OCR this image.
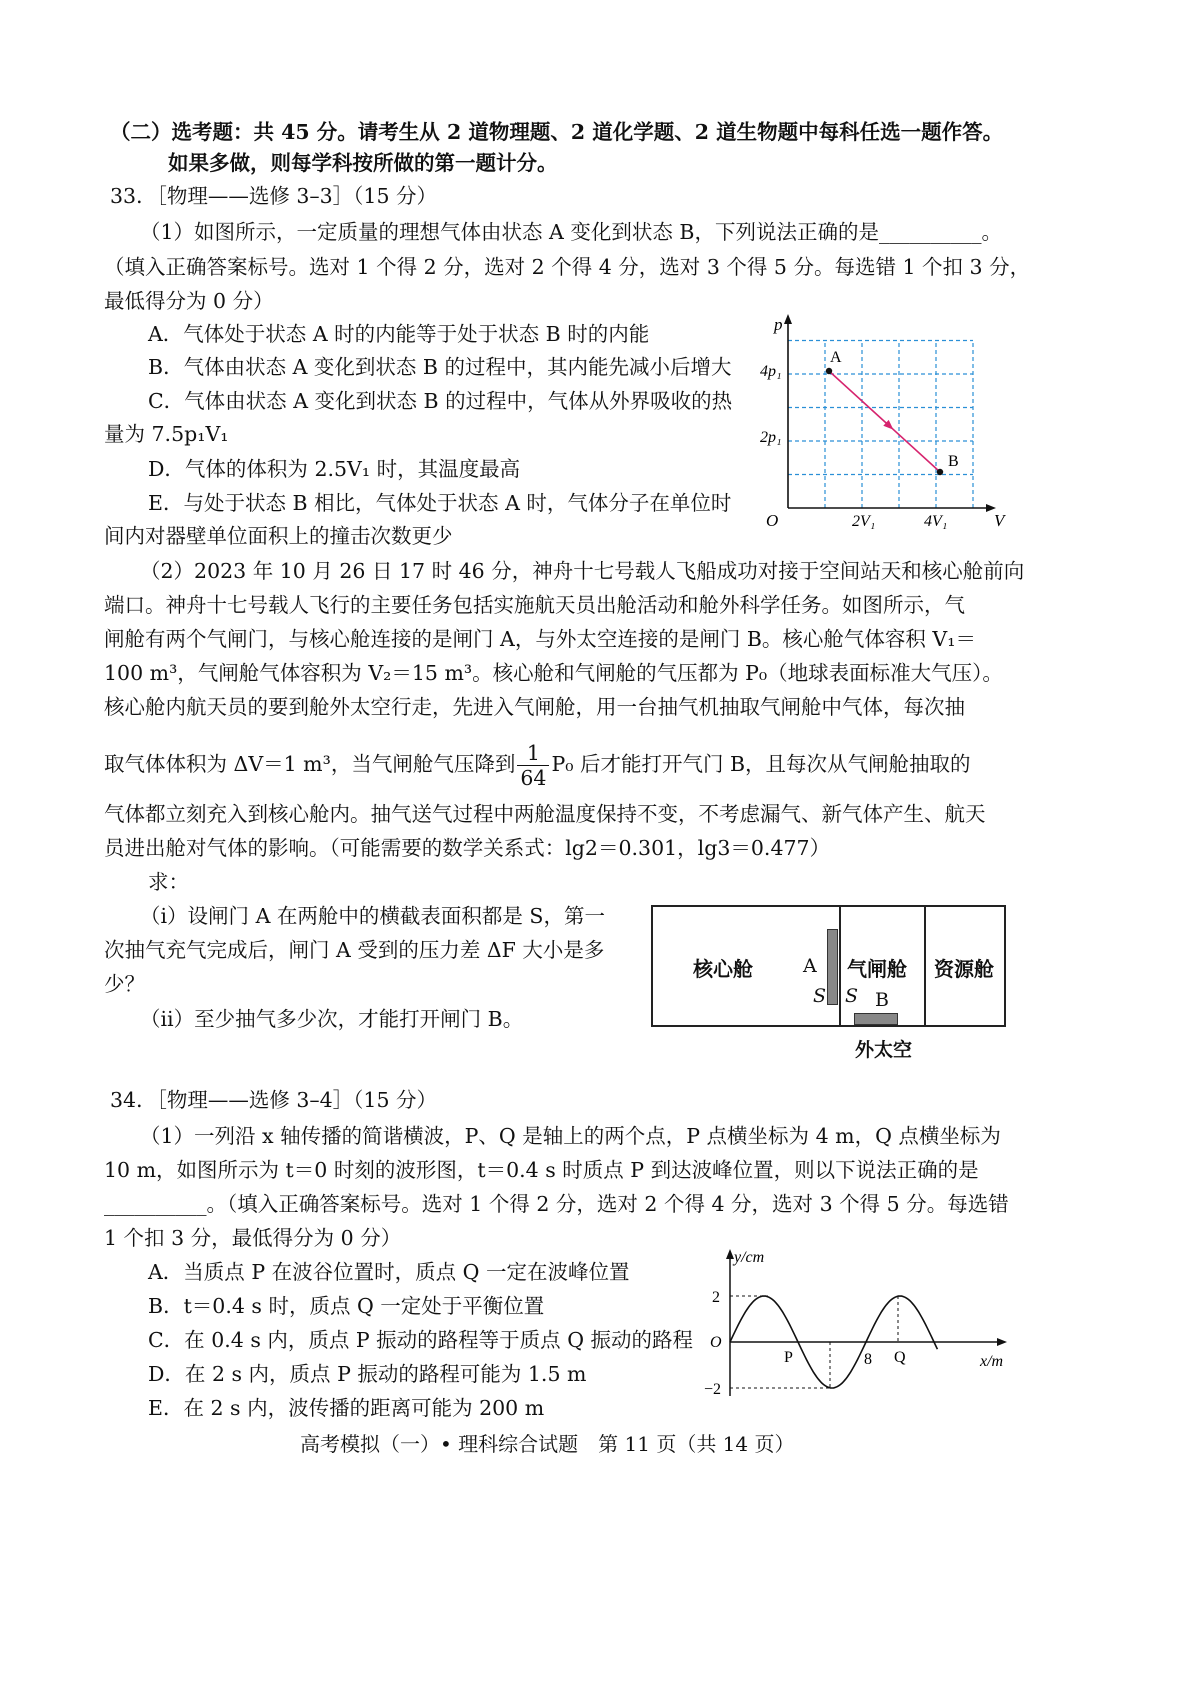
（二）选考题：共 45 分。请考生从 2 道物理题、2 道化学题、2 道生物题中每科任选一题作答。
如果多做，则每学科按所做的第一题计分。
33．［物理——选修 3–3］（15 分）
（1）如图所示，一定质量的理想气体由状态 A 变化到状态 B，下列说法正确的是__________。
（填入正确答案标号。选对 1 个得 2 分，选对 2 个得 4 分，选对 3 个得 5 分。每选错 1 个扣 3 分，
最低得分为 0 分）
A．气体处于状态 A 时的内能等于处于状态 B 时的内能
B．气体由状态 A 变化到状态 B 的过程中，其内能先减小后增大
C．气体由状态 A 变化到状态 B 的过程中，气体从外界吸收的热
量为 7.5p₁V₁
D．气体的体积为 2.5V₁ 时，其温度最高
E．与处于状态 B 相比，气体处于状态 A 时，气体分子在单位时
间内对器壁单位面积上的撞击次数更少
p
V
O
4p₁
2p₁
2V₁	4V₁
A
B
（2）2023 年 10 月 26 日 17 时 46 分，神舟十七号载人飞船成功对接于空间站天和核心舱前向
端口。神舟十七号载人飞行的主要任务包括实施航天员出舱活动和舱外科学任务。如图所示，气
闸舱有两个气闸门，与核心舱连接的是闸门 A，与外太空连接的是闸门 B。核心舱气体容积 V₁＝
100 m³，气闸舱气体容积为 V₂＝15 m³。核心舱和气闸舱的气压都为 P₀（地球表面标准大气压）。
核心舱内航天员的要到舱外太空行走，先进入气闸舱，用一台抽气机抽取气闸舱中气体，每次抽
取气体体积为 ΔV＝1 m³，当气闸舱气压降到 $\frac{1}{64} P_0$ 后才能打开气门 B，且每次从气闸舱抽取的
气体都立刻充入到核心舱内。抽气送气过程中两舱温度保持不变，不考虑漏气、新气体产生、航天
员进出舱对气体的影响。（可能需要的数学关系式：lg2＝0.301，lg3＝0.477）
求：
（ⅰ）设闸门 A 在两舱中的横截表面积都是 S，第一
次抽气充气完成后，闸门 A 受到的压力差 ΔF 大小是多
少？
（ⅱ）至少抽气多少次，才能打开闸门 B。
核心舱	气闸舱 资源舱
A
S S B
外太空
34．［物理——选修 3–4］（15 分）
（1）一列沿 x 轴传播的简谐横波，P、Q 是轴上的两个点，P 点横坐标为 4 m，Q 点横坐标为
10 m，如图所示为 t＝0 时刻的波形图，t＝0.4 s 时质点 P 到达波峰位置，则以下说法正确的是
__________。（填入正确答案标号。选对 1 个得 2 分，选对 2 个得 4 分，选对 3 个得 5 分。每选错
1 个扣 3 分，最低得分为 0 分）
A．当质点 P 在波谷位置时，质点 Q 一定在波峰位置
B．t＝0.4 s 时，质点 Q 一定处于平衡位置
C．在 0.4 s 内，质点 P 振动的路程等于质点 Q 振动的路程
D．在 2 s 内，质点 P 振动的路程可能为 1.5 m
E．在 2 s 内，波传播的距离可能为 200 m
y/cm
x/m
O
2
−2
P	8 Q
高考模拟（一）• 理科综合试题　第 11 页（共 14 页）
